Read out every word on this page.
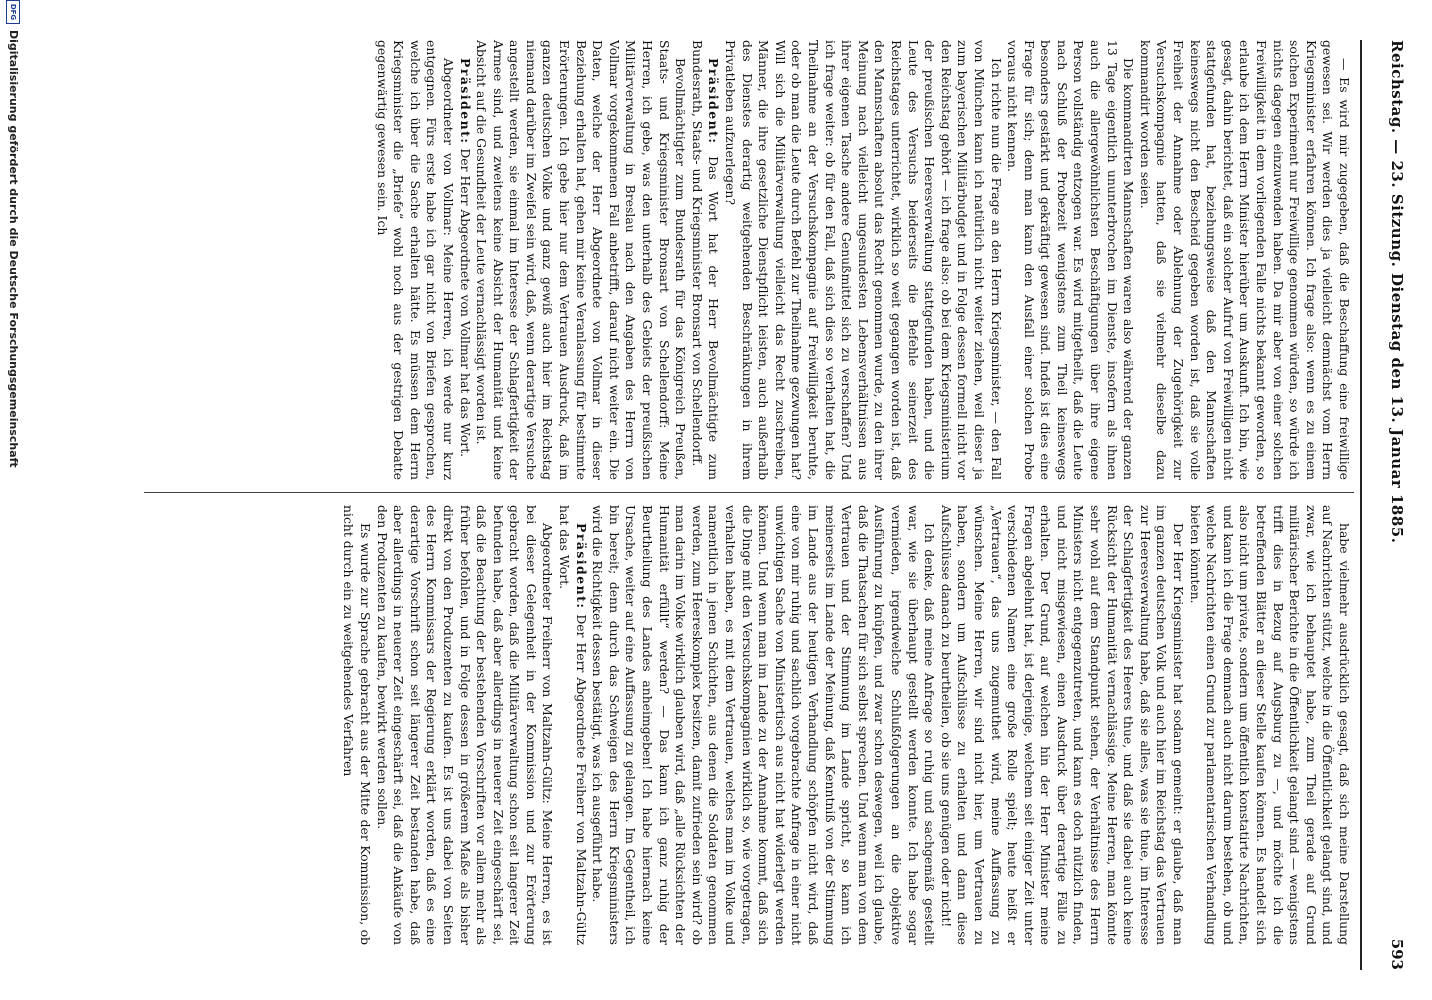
Reichstag. — 23. Sitzung. Dienstag den 13. Januar 1885.
593

— Es wird mir zugegeben, daß die Beschaffung eine freiwillige gewesen sei. Wir werden dies ja vielleicht demnächst vom Herrn Kriegsminister erfahren können. Ich frage also: wenn es zu einem solchen Experiment nur Freiwillige genommen würden, so würde ich nichts dagegen einzuwenden haben. Da mir aber von einer solchen Freiwilligkeit in dem vorliegenden Falle nichts bekannt geworden, so erlaube ich dem Herrn Minister hierüber um Auskunft. Ich bin, wie gesagt, dahin berichtet, daß ein solcher Aufruf von Freiwilligen nicht stattgefunden hat, beziehungsweise daß den Mannschaften keineswegs nicht den Bescheid gegeben worden ist, daß sie volle Freiheit der Annahme oder Ablehnung der Zugehörigkeit zur Versuchskompagnie hatten, daß sie vielmehr dieselbe dazu kommandirt worden seien.

Die kommandirten Mannschaften waren also während der ganzen 13 Tage eigentlich ununterbrochen im Dienste, insofern als ihnen auch die allergewöhnlichsten Beschäftigungen über ihre eigene Person vollständig entzogen war. Es wird mitgetheilt, daß die Leute nach Schluß der Probezeit wenigstens zum Theil keineswegs besonders gestärkt und gekräftigt gewesen sind. Indeß ist dies eine Frage für sich; denn man kann den Ausfall einer solchen Probe voraus nicht kennen.

Ich richte nun die Frage an den Herrn Kriegsminister, — den Fall von München kann ich natürlich nicht weiter ziehen, weil dieser ja zum bayerischen Militärbudget und in Folge dessen formell nicht vor den Reichstag gehört — ich frage also: ob bei dem Kriegsministerium der preußischen Heeresverwaltung stattgefunden haben, und die Leute des Versuchs beiderseits die Befehle seinerzeit des Reichstages unterrichtet, wirklich so weit gegangen worden ist, daß den Mannschaften absolut das Recht genommen wurde, zu den ihrer Meinung nach vielleicht ungesundesten Lebensverhältnissen aus ihrer eigenen Tasche andere Genußmittel sich zu verschaffen? Und ich frage weiter: ob für den Fall, daß sich dies so verhalten hat, die Theilnahme an der Versuchskompagnie auf Freiwilligkeit beruhte, oder ob man die Leute durch Befehl zur Theilnahme gezwungen hat? Will sich die Militärverwaltung vielleicht das Recht zuschreiben, Männer, die ihre gesetzliche Dienstpflicht leisten, auch außerhalb des Dienstes derartig weitgehenden Beschränkungen in ihrem Privatleben aufzuerlegen?

Präsident: Das Wort hat der Herr Bevollmächtigte zum Bundesrath, Staats- und Kriegsminister Bronsart von Schellendorff.

Bevollmächtigter zum Bundesrath für das Königreich Preußen, Staats- und Kriegsminister Bronsart von Schellendorff: Meine Herren, ich gebe, was den unterhalb des Gebiets der preußischen Militärverwaltung in Breslau nach den Angaben des Herrn von Vollmar vorgekommenen Fall anbetrifft, darauf nicht weiter ein. Die Daten, welche der Herr Abgeordnete von Vollmar in dieser Beziehung erhalten hat, gehen mir keine Veranlassung für bestimmte Erörterungen. Ich gebe hier nur dem Vertrauen Ausdruck, daß im ganzen deutschen Volke und ganz gewiß auch hier im Reichstag niemand darüber im Zweifel sein wird, daß, wenn derartige Versuche angestellt werden, sie einmal im Interesse der Schlagfertigkeit der Armee sind, und zweitens keine Absicht der Humanität und keine Absicht auf die Gesundheit der Leute vernachlässigt worden ist.

Präsident: Der Herr Abgeordnete von Vollmar hat das Wort.

Abgeordneter von Vollmar: Meine Herren, ich werde nur kurz entgegnen. Fürs erste habe ich gar nicht von Briefen gesprochen, welche ich über die Sache erhalten hätte. Es müssen dem Herrn Kriegsminister die „Briefe“ wohl noch aus der gestrigen Debatte gegenwärtig gewesen sein. Ich

habe vielmehr ausdrücklich gesagt, daß sich meine Darstellung auf Nachrichten stützt, welche in die Öffentlichkeit gelangt sind, und zwar, wie ich behauptet habe, zum Theil gerade auf Grund militärischer Berichte in die Öffentlichkeit gelangt sind — wenigstens trifft dies in Bezug auf Augsburg zu —, und möchte ich die betreffenden Blätter an dieser Stelle kaufen können. Es handelt sich also nicht um private, sondern um öffentlich konstatirte Nachrichten, und kann ich die Frage demnach auch nicht darum bestehen, ob und welche Nachrichten einen Grund zur parlamentarischen Verhandlung bieten könnten.

Der Herr Kriegsminister hat sodann gemeint: er glaube, daß man im ganzen deutschen Volk und auch hier im Reichstag das Vertrauen zur Heeresverwaltung habe, daß sie alles, was sie thue, im Interesse der Schlagfertigkeit des Heeres thue, und daß sie dabei auch keine Rücksicht der Humanität vernachlässige. Meine Herren, man könnte sehr wohl auf dem Standpunkt stehen, der Verhältnisse des Herrn Ministers nicht entgegenzutreten, und kann es doch nützlich finden, und nicht misgewiesen, einen Ausdruck über derartige Fälle zu erhalten. Der Grund, auf welchen hin der Herr Minister meine Fragen abgelehnt hat, ist derjenige, welchem seit einiger Zeit unter verschiedenen Namen eine große Rolle spielt; heute heißt er „Vertrauen“, das uns zugemuthet wird, meine Auffassung zu wünschen. Meine Herren, wir sind nicht hier, um Vertrauen zu haben, sondern um Aufschlüsse zu erhalten und dann diese Aufschlüsse danach zu beurtheilen, ob sie uns genügen oder nicht!

Ich denke, daß meine Anfrage so ruhig und sachgemäß gestellt war, wie sie überhaupt gestellt werden konnte. Ich habe sogar vermieden, irgendwelche Schlußfolgerungen an die objektive Ausführung zu knüpfen, und zwar schon deswegen, weil ich glaube, daß die Thatsachen für sich selbst sprechen. Und wenn man von dem Vertrauen und der Stimmung im Lande spricht, so kann ich meinerseits im Lande der Meinung, daß Kenntniß von der Stimmung im Lande aus der heutigen Verhandlung schöpfen nicht wird, daß eine von mir ruhig und sachlich vorgebrachte Anfrage in einer nicht unwichtigen Sache von Ministertisch aus nicht hat widerlegt werden können. Und wenn man im Lande zu der Annahme kommt, daß sich die Dinge mit den Versuchskompagnien wirklich so, wie vorgetragen, verhalten haben, es mit dem Vertrauen, welches man im Volke und namentlich in jenen Schichten, aus denen die Soldaten genommen werden, zum Heereskomplex besitzen, damit zufrieden sein wird? ob man darin im Volke wirklich glauben wird, daß „alle Rücksichten der Humanität erfüllt“ werden? — Das kann ich ganz ruhig der Beurtheilung des Landes anheimgeben! Ich habe hiernach keine Ursache, weiter auf eine Auffassung zu gelangen. Im Gegentheil, ich bin bereit; denn durch das Schweigen des Herrn Kriegsministers wird die Richtigkeit dessen bestätigt, was ich ausgeführt habe.

Präsident: Der Herr Abgeordnete Freiherr von Maltzahn-Gültz hat das Wort.

Abgeordneter Freiherr von Maltzahn-Gültz: Meine Herren, es ist bei dieser Gelegenheit in der Kommission und zur Erörterung gebracht worden, daß die Militärverwaltung schon seit langerer Zeit befunden habe, daß aber allerdings in neuerer Zeit eingeschärft sei, daß die Beachtung der bestehenden Vorschriften vor allem mehr als früher befohlen, und in Folge dessen in größerem Maße als bisher direkt von den Produzenten zu kaufen. Es ist uns dabei von Seiten des Herrn Kommissars der Regierung erklärt worden, daß es eine derartige Vorschrift schon seit längerer Zeit bestanden habe, daß aber allerdings in neuerer Zeit eingeschärft sei, daß die Ankäufe von den Produzenten zu kaufen, bewirkt werden sollen.

Es wurde zur Sprache gebracht aus der Mitte der Kommission, ob nicht durch ein zu weitgehendes Verfahren

DFG
Digitalisierung gefördert durch die Deutsche Forschungsgemeinschaft
